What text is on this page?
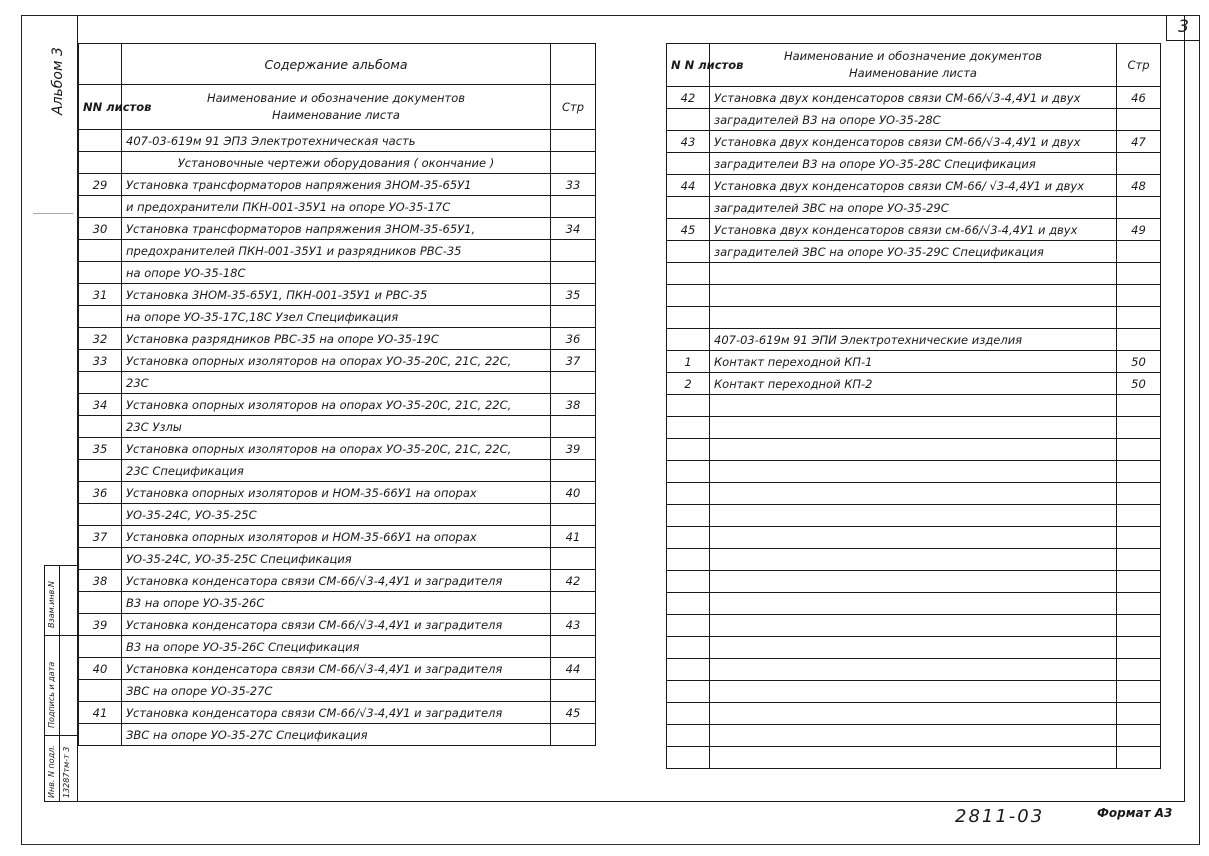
3
Альбом 3
Взам.инв.N
Подпись и дата
Инв. N подл. 13287тм-т 3
	Содержание альбома	
NN листов	Наименование и обозначение документов
Наименование листа	Стр
	407-03-619м 91 ЭП3 Электротехническая часть	
	Установочные чертежи оборудования ( окончание )	
29	Установка трансформаторов напряжения 3НОМ-35-65У1	33
	и предохранители ПКН-001-35У1 на опоре УО-35-17С	
30	Установка трансформаторов напряжения 3НОМ-35-65У1,	34
	предохранителей ПКН-001-35У1 и разрядников РВС-35	
	на опоре УО-35-18С	
31	Установка 3НОМ-35-65У1, ПКН-001-35У1 и РВС-35	35
	на опоре УО-35-17С,18С Узел Спецификация	
32	Установка разрядников РВС-35 на опоре УО-35-19С	36
33	Установка опорных изоляторов на опорах УО-35-20С, 21С, 22С,	37
	23С	
34	Установка опорных изоляторов на опорах УО-35-20С, 21С, 22С,	38
	23С Узлы	
35	Установка опорных изоляторов на опорах УО-35-20С, 21С, 22С,	39
	23С Спецификация	
36	Установка опорных изоляторов и НОМ-35-66У1 на опорах	40
	УО-35-24С, УО-35-25С	
37	Установка опорных изоляторов и НОМ-35-66У1 на опорах	41
	УО-35-24С, УО-35-25С Спецификация	
38	Установка конденсатора связи СМ-66/√3-4,4У1 и заградителя	42
	В3 на опоре УО-35-26С	
39	Установка конденсатора связи СМ-66/√3-4,4У1 и заградителя	43
	В3 на опоре УО-35-26С Спецификация	
40	Установка конденсатора связи СМ-66/√3-4,4У1 и заградителя	44
	ЗВС на опоре УО-35-27С	
41	Установка конденсатора связи СМ-66/√3-4,4У1 и заградителя	45
	ЗВС на опоре УО-35-27С Спецификация	
N N листов	Наименование и обозначение документов
Наименование листа	Стр
42	Установка двух конденсаторов связи СМ-66/√3-4,4У1 и двух	46
	заградителей В3 на опоре УО-35-28С	
43	Установка двух конденсаторов связи СМ-66/√3-4,4У1 и двух	47
	заградителеи В3 на опоре УО-35-28С Спецификация	
44	Установка двух конденсаторов связи СМ-66/ √3-4,4У1 и двух	48
	заградителей ЗВС на опоре УО-35-29С	
45	Установка двух конденсаторов связи см-66/√3-4,4У1 и двух	49
	заградителей ЗВС на опоре УО-35-29С Спецификация	

	407-03-619м 91 ЭПИ Электротехнические изделия	
1	Контакт переходной КП-1	50
2	Контакт переходной КП-2	50

2811-03	Формат А3
